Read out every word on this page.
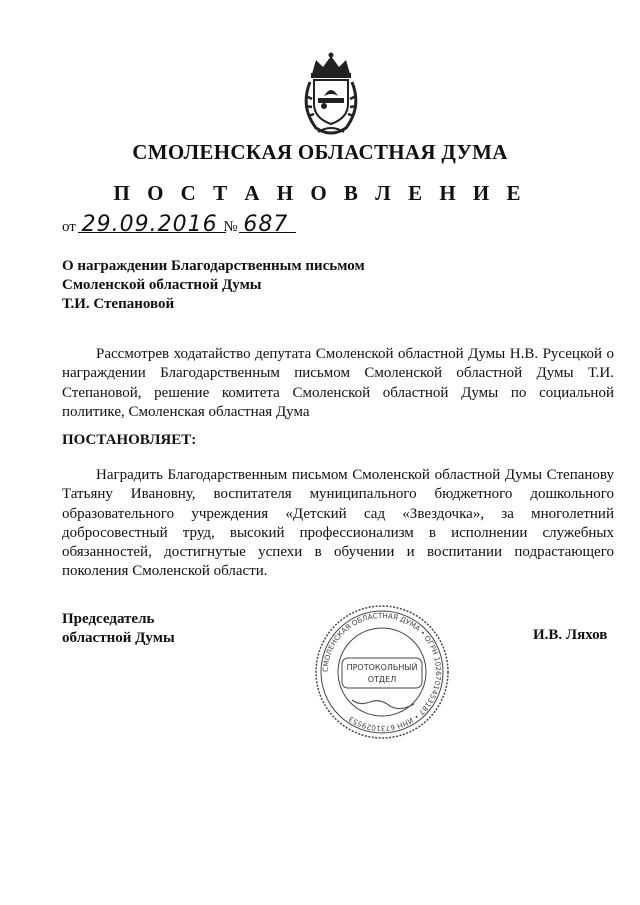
СМОЛЕНСКАЯ ОБЛАСТНАЯ ДУМА
П О С Т А Н О В Л Е Н И Е
от 29.09.2016 № 687
О награждении Благодарственным письмом
Смоленской областной Думы
Т.И. Степановой
Рассмотрев ходатайство депутата Смоленской областной Думы Н.В. Русецкой о награждении Благодарственным письмом Смоленской областной Думы Т.И. Степановой, решение комитета Смоленской областной Думы по социальной политике, Смоленская областная Дума
ПОСТАНОВЛЯЕТ:
Наградить Благодарственным письмом Смоленской областной Думы Степанову Татьяну Ивановну, воспитателя муниципального бюджетного дошкольного образовательного учреждения «Детский сад «Звездочка», за многолетний добросовестный труд, высокий профессионализм в исполнении служебных обязанностей, достигнутые успехи в обучении и воспитании подрастающего поколения Смоленской области.
Председатель
областной Думы	И.В. Ляхов
СМОЛЕНСКАЯ ОБЛАСТНАЯ ДУМА • ОГРН 1026701453187 • ИНН 6731029553
ПРОТОКОЛЬНЫЙ
ОТДЕЛ
